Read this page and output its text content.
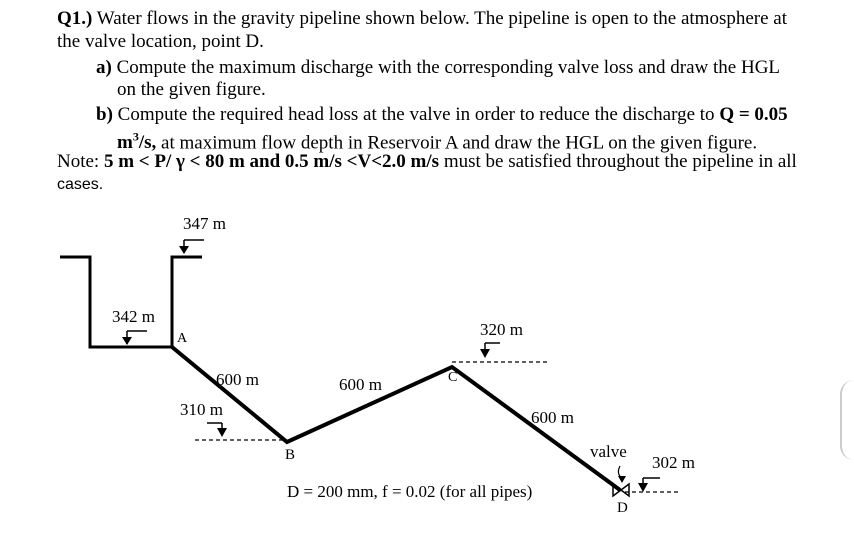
Q1.) Water flows in the gravity pipeline shown below. The pipeline is open to the atmosphere at
the valve location, point D.
a) Compute the maximum discharge with the corresponding valve loss and draw the HGL
on the given figure.
b) Compute the required head loss at the valve in order to reduce the discharge to Q = 0.05
$m^3/s$, at maximum flow depth in Reservoir A and draw the HGL on the given figure.
Note: 5 m < P/ γ < 80 m and 0.5 m/s <V<2.0 m/s must be satisfied throughout the pipeline in all
cases.
347 m
342 m
A
600 m
310 m
B
600 m
320 m
C
600 m
valve
302 m
D
D = 200 mm, f = 0.02 (for all pipes)
